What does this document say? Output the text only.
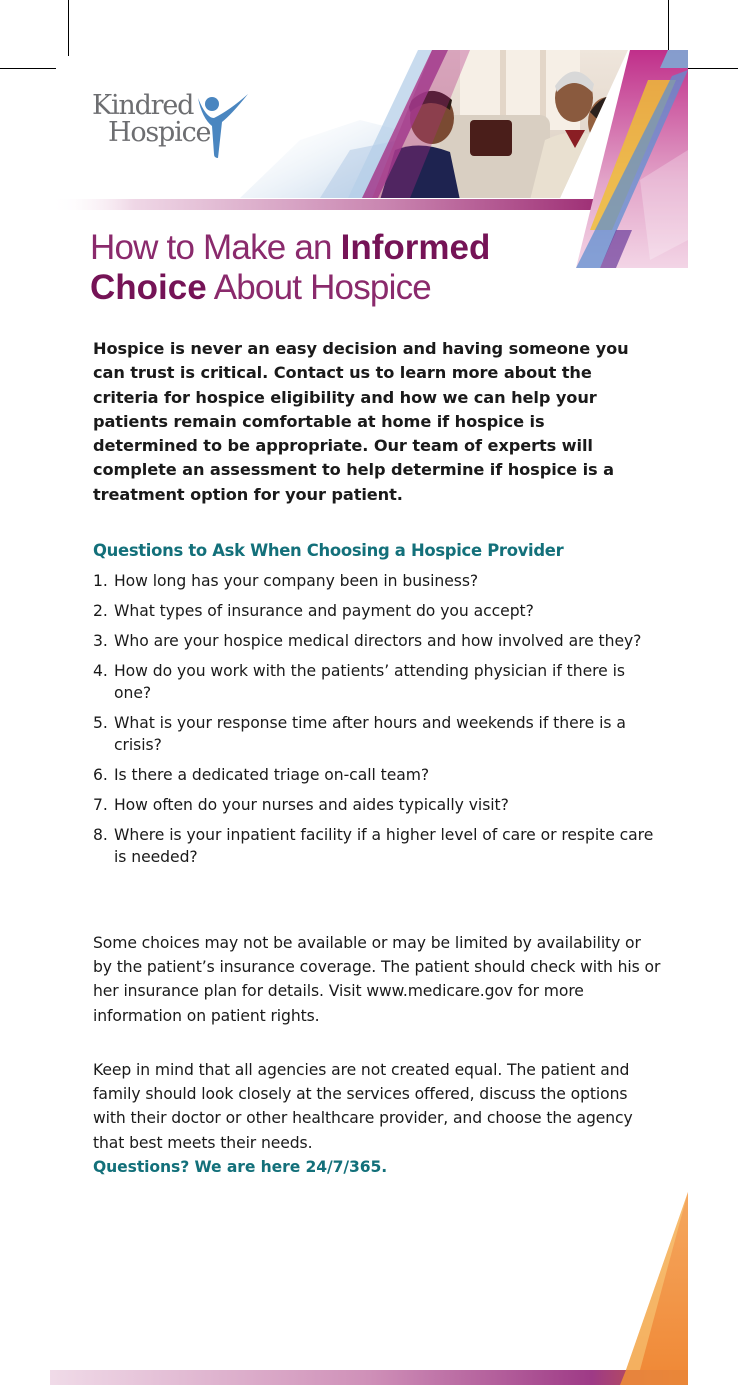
Kindred
Hospice
How to Make an Informed
Choice About Hospice

Hospice is never an easy decision and having someone you can trust is critical. Contact us to learn more about the criteria for hospice eligibility and how we can help your patients remain comfortable at home if hospice is determined to be appropriate. Our team of experts will complete an assessment to help determine if hospice is a treatment option for your patient.

Questions to Ask When Choosing a Hospice Provider
1. How long has your company been in business?
2. What types of insurance and payment do you accept?
3. Who are your hospice medical directors and how involved are they?
4. How do you work with the patients’ attending physician if there is one?
5. What is your response time after hours and weekends if there is a crisis?
6. Is there a dedicated triage on-call team?
7. How often do your nurses and aides typically visit?
8. Where is your inpatient facility if a higher level of care or respite care is needed?

Some choices may not be available or may be limited by availability or by the patient’s insurance coverage. The patient should check with his or her insurance plan for details. Visit www.medicare.gov for more information on patient rights.

Keep in mind that all agencies are not created equal. The patient and family should look closely at the services offered, discuss the options with their doctor or other healthcare provider, and choose the agency that best meets their needs.
Questions? We are here 24/7/365.
